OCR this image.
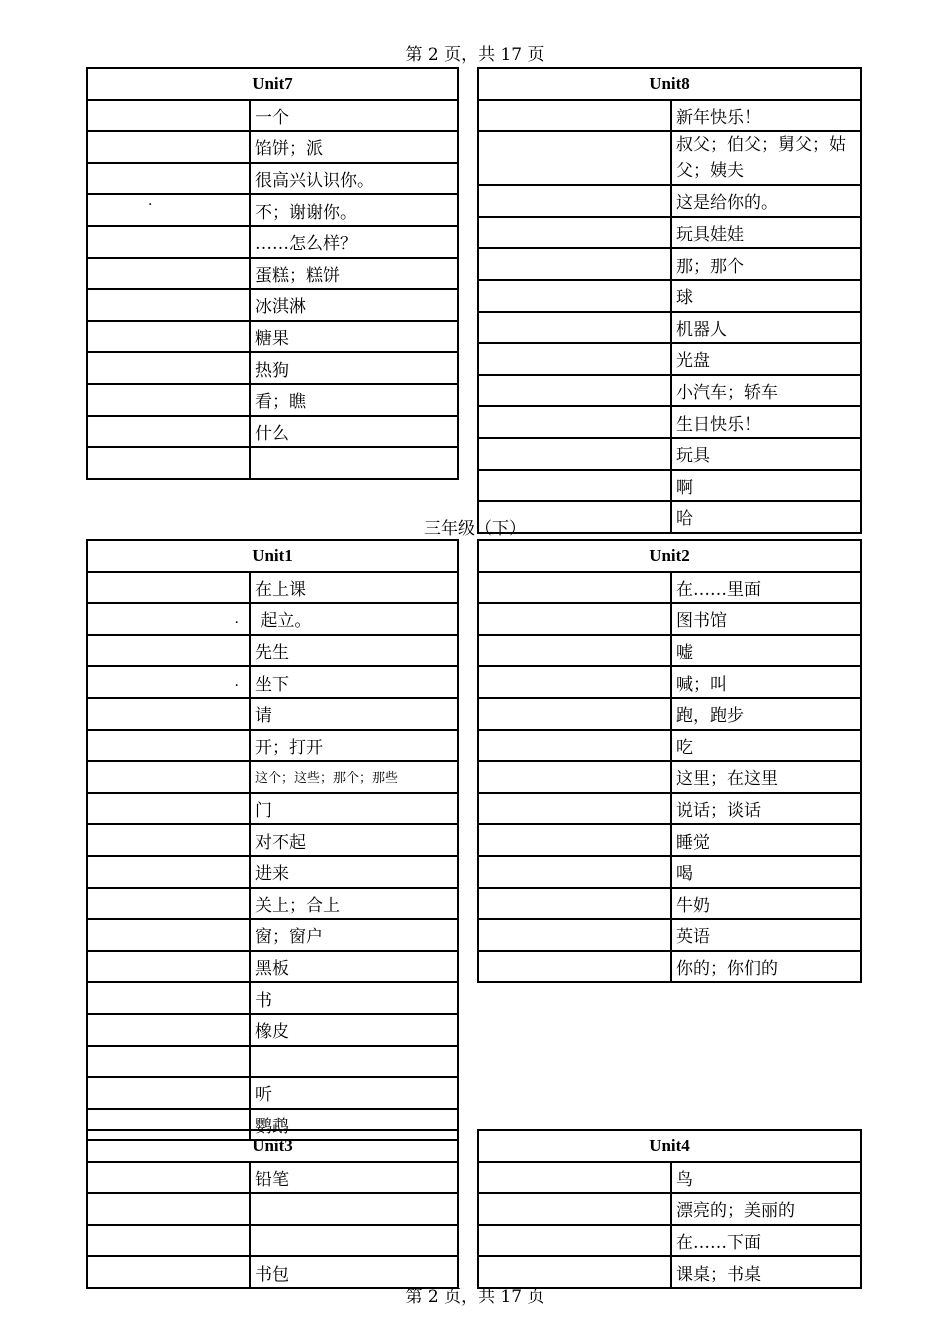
第 2 页，共 17 页
Unit7	
	一个
	馅饼；派
	很高兴认识你。

·	不；谢谢你。
	……怎么样？
	蛋糕；糕饼
	冰淇淋
	糖果
	热狗
	看；瞧
	什么

Unit8	
	新年快乐！
	叔父；伯父；舅父；姑父；姨夫
	这是给你的。
	玩具娃娃
	那；那个
	球
	机器人
	光盘
	小汽车；轿车
	生日快乐！
	玩具
	啊
	哈
三年级（下）
Unit1	
	在上课
.	起立。
	先生
.	坐下
	请
	开；打开
	这个；这些；那个；那些
	门
	对不起
	进来
	关上；合上
	窗；窗户
	黑板
	书
	橡皮

	听
	鹦鹉
Unit2	
	在……里面
	图书馆
	嘘
	喊；叫
	跑，跑步
	吃
	这里；在这里
	说话；谈话
	睡觉
	喝
	牛奶
	英语
	你的；你们的
Unit3	
	铅笔

	书包
Unit4	
	鸟
	漂亮的；美丽的
	在……下面
	课桌；书桌
第 2 页，共 17 页
